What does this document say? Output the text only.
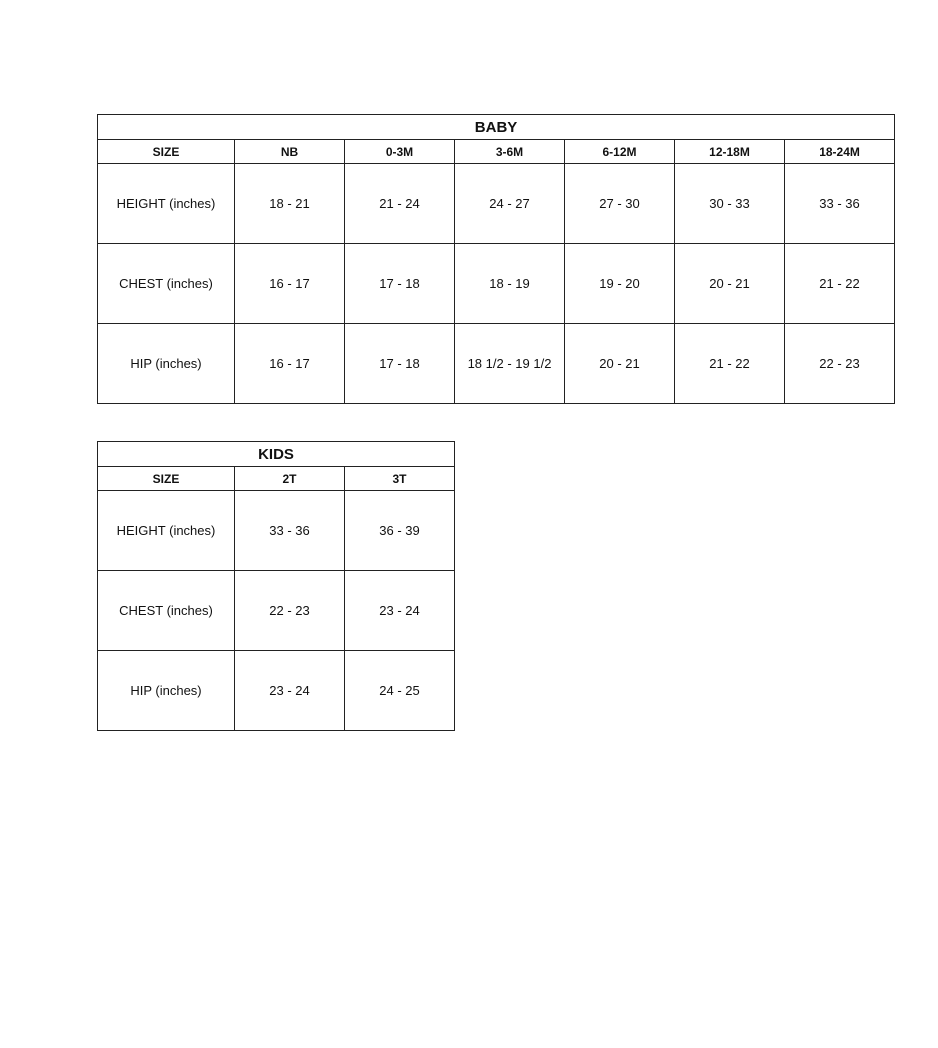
BABY						
SIZE	NB	0-3M	3-6M	6-12M	12-18M	18-24M
HEIGHT (inches)	18 - 21	21 - 24	24 - 27	27 - 30	30 - 33	33 - 36
CHEST (inches)	16 - 17	17 - 18	18 - 19	19 - 20	20 - 21	21 - 22
HIP (inches)	16 - 17	17 - 18	18 1/2 - 19 1/2	20 - 21	21 - 22	22 - 23
KIDS		
SIZE	2T	3T
HEIGHT (inches)	33 - 36	36 - 39
CHEST (inches)	22 - 23	23 - 24
HIP (inches)	23 - 24	24 - 25
